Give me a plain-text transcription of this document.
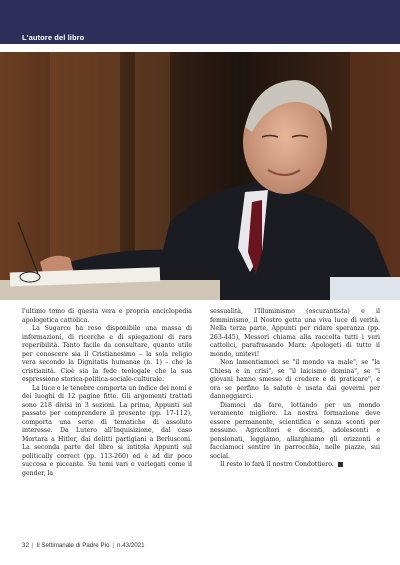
L'autore del libro

l'ultimo tomo di questa vera e propria enciclopedia apologetica cattolica.

La Sugarco ha reso disponibile una massa di informazioni, di ricerche e di spiegazioni di rara reperibilità. Tanto facile da consultare, quanto utile per conoscere sia il Cristianesimo – la sola religio vera secondo la Dignitatis humanae (n. 1) – che la cristianità. Cioè sia la fede teologale che la sua espressione storica-politica-sociale-culturale.

La luce e le tenebre comporta un indice dei nomi e dei luoghi di 12 pagine fitte. Gli argomenti trattati sono 218 divisi in 3 sezioni. La prima, Appunti sul passato per comprendere il presente (pp. 17-112), comporta una serie di tematiche di assoluto interesse. Da Lutero all'Inquisizione, dal caso Mortara a Hitler, dai delitti partigiani a Berlusconi. La seconda parte del libro si intitola Appunti sul politically correct (pp. 113-260) ed è ad dir poco succosa e piccante. Su temi vari e variegati come il gender, la

sessualità, l'Illuminismo (oscurantista) e il femminismo, il Nostro getta una viva luce di verità. Nella terza parte, Appunti per ridare speranza (pp. 263-445), Messori chiama alla raccolta tutti i veri cattolici, parafrasando Marx: Apologeti di tutto il mondo, unitevi!

Non lamentiamoci se "il mondo va male", se "la Chiesa è in crisi", se "il laicismo domina", se "i giovani hanno smesso di credere e di praticare", e ora se perfino la salute è usata dai governi per danneggiarci.

Diamoci da fare, lottando per un mondo veramente migliore. La nostra formazione deve essere permanente, scientifica e senza sconti per nessuno. Agricoltori e docenti, adolescenti e pensionati, leggiamo, allarghiamo gli orizzonti e facciamoci sentire in parrocchia, nelle piazze, sui social.

Il resto lo farà il nostro Condottiero.

32 | Il Settimanale di Padre Pio | n.43/2021
